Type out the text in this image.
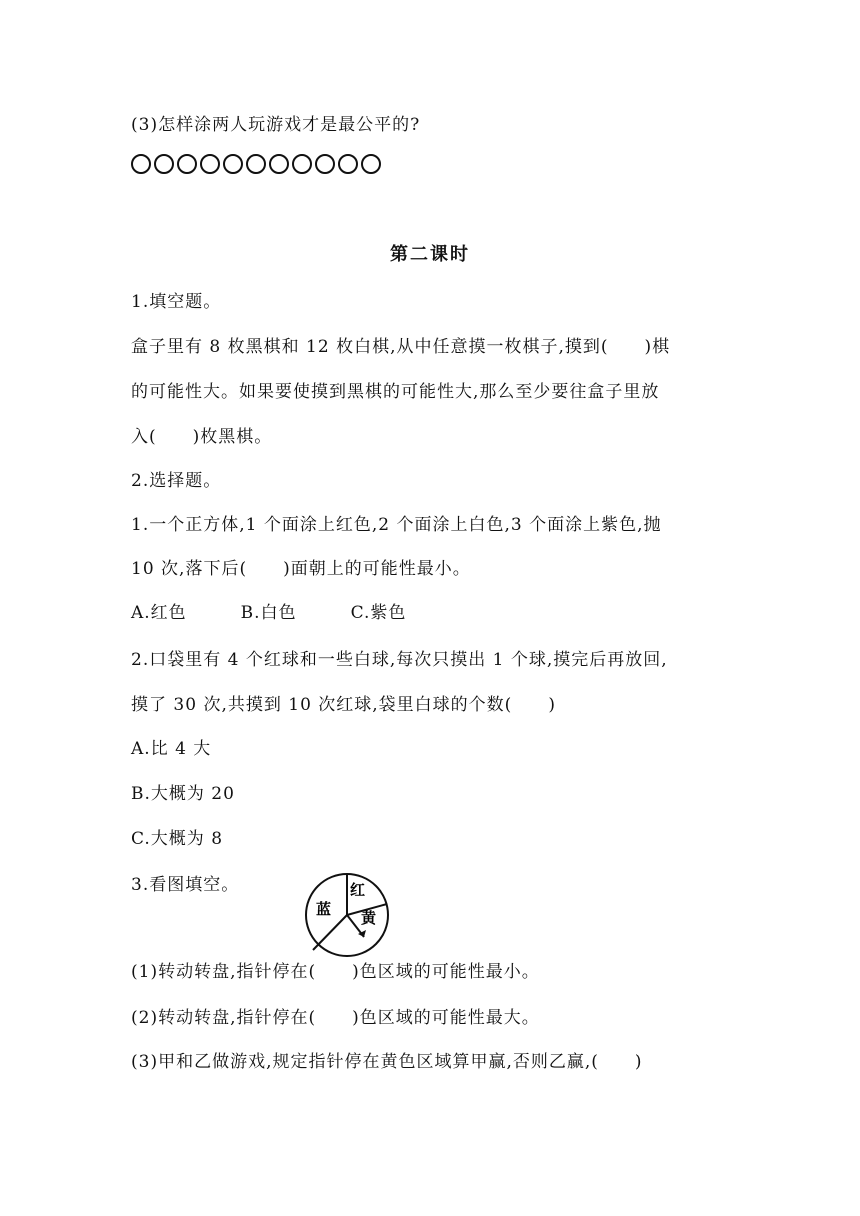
(3)怎样涂两人玩游戏才是最公平的?
第二课时
1.填空题。
盒子里有 8 枚黑棋和 12 枚白棋,从中任意摸一枚棋子,摸到(　　)棋
的可能性大。如果要使摸到黑棋的可能性大,那么至少要往盒子里放
入(　　)枚黑棋。
2.选择题。
1.一个正方体,1 个面涂上红色,2 个面涂上白色,3 个面涂上紫色,抛
10 次,落下后(　　)面朝上的可能性最小。
A.红色　　　B.白色　　　C.紫色
2.口袋里有 4 个红球和一些白球,每次只摸出 1 个球,摸完后再放回,
摸了 30 次,共摸到 10 次红球,袋里白球的个数(　　)
A.比 4 大
B.大概为 20
C.大概为 8
3.看图填空。
蓝
红
黄
(1)转动转盘,指针停在(　　)色区域的可能性最小。
(2)转动转盘,指针停在(　　)色区域的可能性最大。
(3)甲和乙做游戏,规定指针停在黄色区域算甲赢,否则乙赢,(　　)
